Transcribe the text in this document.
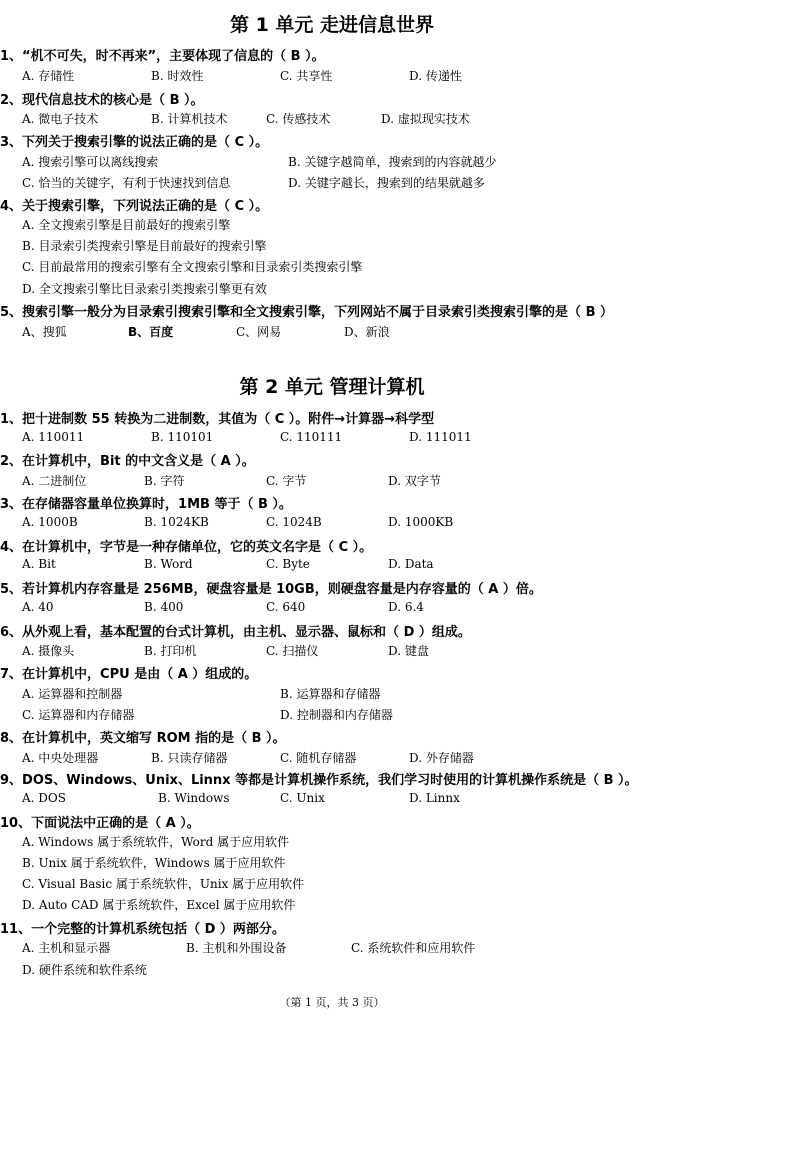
第 1 单元 走进信息世界
1、“机不可失，时不再来”，主要体现了信息的（ B ）。
A. 存储性	B. 时效性	C. 共享性	D. 传递性
2、现代信息技术的核心是（ B ）。
A. 微电子技术	B. 计算机技术	C. 传感技术	D. 虚拟现实技术
3、下列关于搜索引擎的说法正确的是（ C ）。
A. 搜索引擎可以离线搜索	B. 关键字越简单，搜索到的内容就越少
C. 恰当的关键字，有利于快速找到信息	D. 关键字越长，搜索到的结果就越多
4、关于搜索引擎，下列说法正确的是（ C ）。
A. 全文搜索引擎是目前最好的搜索引擎
B. 目录索引类搜索引擎是目前最好的搜索引擎
C. 目前最常用的搜索引擎有全文搜索引擎和目录索引类搜索引擎
D. 全文搜索引擎比目录索引类搜索引擎更有效
5、搜索引擎一般分为目录索引搜索引擎和全文搜索引擎，下列网站不属于目录索引类搜索引擎的是（ B ）
A、搜狐	B、百度	C、网易	D、新浪
第 2 单元 管理计算机
1、把十进制数 55 转换为二进制数，其值为（ C ）。附件→计算器→科学型
A. 110011	B. 110101	C. 110111	D. 111011
2、在计算机中，Bit 的中文含义是（ A ）。
A. 二进制位	B. 字符	C. 字节	D. 双字节
3、在存储器容量单位换算时，1MB 等于（ B ）。
A. 1000B	B. 1024KB	C. 1024B	D. 1000KB
4、在计算机中，字节是一种存储单位，它的英文名字是（ C ）。
A. Bit	B. Word	C. Byte	D. Data
5、若计算机内存容量是 256MB，硬盘容量是 10GB，则硬盘容量是内存容量的（ A ）倍。
A. 40	B. 400	C. 640	D. 6.4
6、从外观上看，基本配置的台式计算机，由主机、显示器、鼠标和（ D ）组成。
A. 摄像头	B. 打印机	C. 扫描仪	D. 键盘
7、在计算机中，CPU 是由（ A ）组成的。
A. 运算器和控制器	B. 运算器和存储器
C. 运算器和内存储器	D. 控制器和内存储器
8、在计算机中，英文缩写 ROM 指的是（ B ）。
A. 中央处理器	B. 只读存储器	C. 随机存储器	D. 外存储器
9、DOS、Windows、Unix、Linnx 等都是计算机操作系统，我们学习时使用的计算机操作系统是（ B ）。
A. DOS	B. Windows	C. Unix	D. Linnx
10、下面说法中正确的是（ A ）。
A. Windows 属于系统软件，Word 属于应用软件
B. Unix 属于系统软件，Windows 属于应用软件
C. Visual Basic 属于系统软件，Unix 属于应用软件
D. Auto CAD 属于系统软件，Excel 属于应用软件
11、一个完整的计算机系统包括（ D ）两部分。
A. 主机和显示器	B. 主机和外围设备	C. 系统软件和应用软件
D. 硬件系统和软件系统
（第 1 页，共 3 页）
